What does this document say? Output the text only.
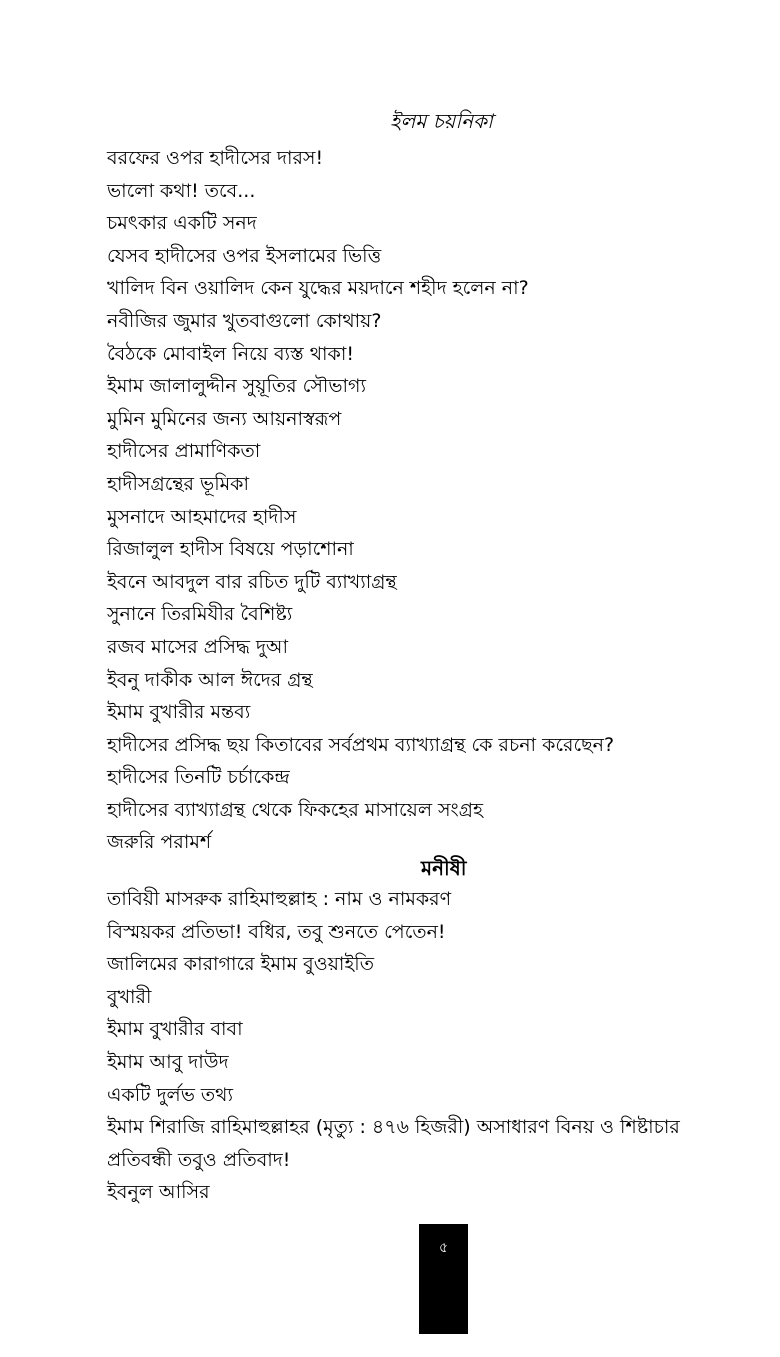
ইলম চয়নিকা
বরফের ওপর হাদীসের দারস!
ভালো কথা! তবে...
চমৎকার একটি সনদ
যেসব হাদীসের ওপর ইসলামের ভিত্তি
খালিদ বিন ওয়ালিদ কেন যুদ্ধের ময়দানে শহীদ হলেন না?
নবীজির জুমার খুতবাগুলো কোথায়?
বৈঠকে মোবাইল নিয়ে ব্যস্ত থাকা!
ইমাম জালালুদ্দীন সুয়ূতির সৌভাগ্য
মুমিন মুমিনের জন্য আয়নাস্বরূপ
হাদীসের প্রামাণিকতা
হাদীসগ্রন্থের ভূমিকা
মুসনাদে আহমাদের হাদীস
রিজালুল হাদীস বিষয়ে পড়াশোনা
ইবনে আবদুল বার রচিত দুটি ব্যাখ্যাগ্রন্থ
সুনানে তিরমিযীর বৈশিষ্ট্য
রজব মাসের প্রসিদ্ধ দুআ
ইবনু দাকীক আল ঈদের গ্রন্থ
ইমাম বুখারীর মন্তব্য
হাদীসের প্রসিদ্ধ ছয় কিতাবের সর্বপ্রথম ব্যাখ্যাগ্রন্থ কে রচনা করেছেন?
হাদীসের তিনটি চর্চাকেন্দ্র
হাদীসের ব্যাখ্যাগ্রন্থ থেকে ফিকহের মাসায়েল সংগ্রহ
জরুরি পরামর্শ
মনীষী
তাবিয়ী মাসরুক রাহিমাহুল্লাহ : নাম ও নামকরণ
বিস্ময়কর প্রতিভা! বধির, তবু শুনতে পেতেন!
জালিমের কারাগারে ইমাম বুওয়াইতি
বুখারী
ইমাম বুখারীর বাবা
ইমাম আবু দাউদ
একটি দুর্লভ তথ্য
ইমাম শিরাজি রাহিমাহুল্লাহর (মৃত্যু : ৪৭৬ হিজরী) অসাধারণ বিনয় ও শিষ্টাচার
প্রতিবন্ধী তবুও প্রতিবাদ!
ইবনুল আসির
৫
